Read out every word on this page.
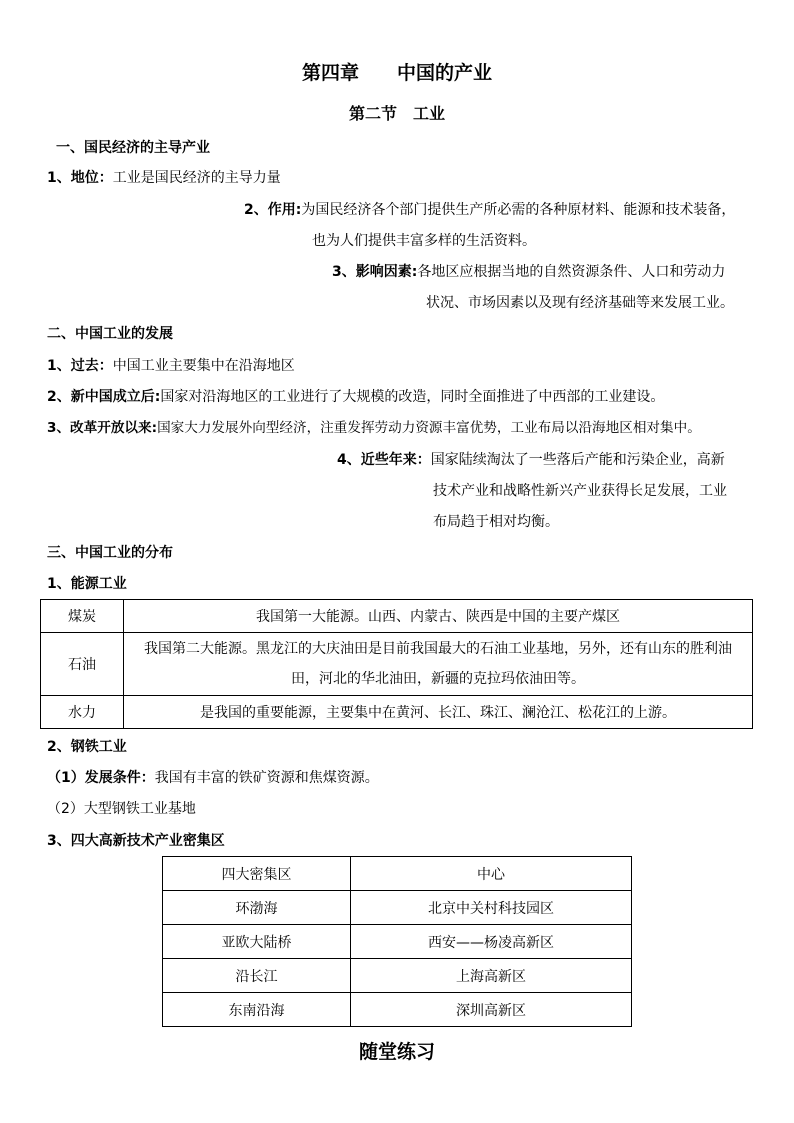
第四章　　中国的产业
第二节　工业
一、国民经济的主导产业
1、地位：工业是国民经济的主导力量
2、作用:为国民经济各个部门提供生产所必需的各种原材料、能源和技术装备，
也为人们提供丰富多样的生活资料。
3、影响因素:各地区应根据当地的自然资源条件、人口和劳动力
状况、市场因素以及现有经济基础等来发展工业。
二、中国工业的发展
1、过去：中国工业主要集中在沿海地区
2、新中国成立后:国家对沿海地区的工业进行了大规模的改造，同时全面推进了中西部的工业建设。
3、改革开放以来:国家大力发展外向型经济，注重发挥劳动力资源丰富优势，工业布局以沿海地区相对集中。
4、近些年来：国家陆续淘汰了一些落后产能和污染企业，高新
技术产业和战略性新兴产业获得长足发展，工业
布局趋于相对均衡。
三、中国工业的分布
1、能源工业
煤炭	我国第一大能源。山西、内蒙古、陕西是中国的主要产煤区
石油	我国第二大能源。黑龙江的大庆油田是目前我国最大的石油工业基地，另外，还有山东的胜利油
田，河北的华北油田，新疆的克拉玛依油田等。

水力	是我国的重要能源，主要集中在黄河、长江、珠江、澜沧江、松花江的上游。
2、钢铁工业
（1）发展条件：我国有丰富的铁矿资源和焦煤资源。
（2）大型钢铁工业基地
3、四大高新技术产业密集区
四大密集区	中心
环渤海	北京中关村科技园区
亚欧大陆桥	西安——杨凌高新区
沿长江	上海高新区
东南沿海	深圳高新区
随堂练习
